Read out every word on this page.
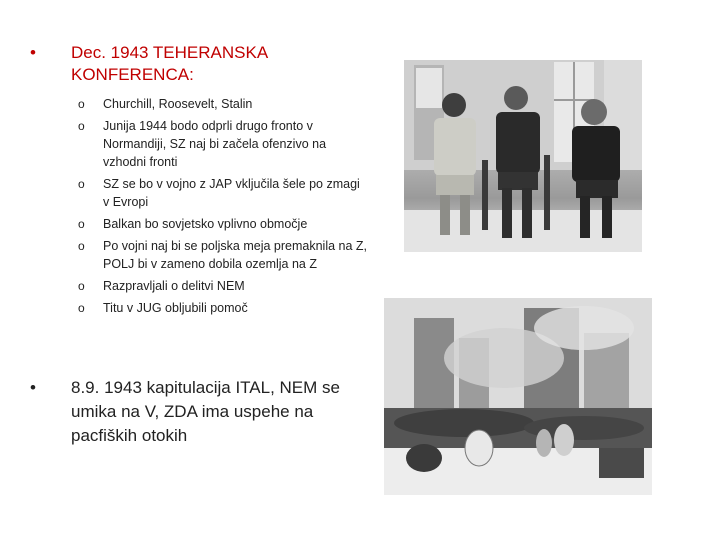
• Dec. 1943 TEHERANSKA KONFERENCA:
o Churchill, Roosevelt, Stalin
o Junija 1944 bodo odprli drugo fronto v Normandiji, SZ naj bi začela ofenzivo na vzhodni fronti
o SZ se bo v vojno z JAP vključila šele po zmagi v Evropi
o Balkan bo sovjetsko vplivno območje
o Po vojni naj bi se poljska meja premaknila na Z, POLJ bi v zameno dobila ozemlja na Z
o Razpravljali o delitvi NEM
o Titu v JUG obljubili pomoč
• 8.9. 1943 kapitulacija ITAL, NEM se umika na V, ZDA ima uspehe na pacfiških otokih
